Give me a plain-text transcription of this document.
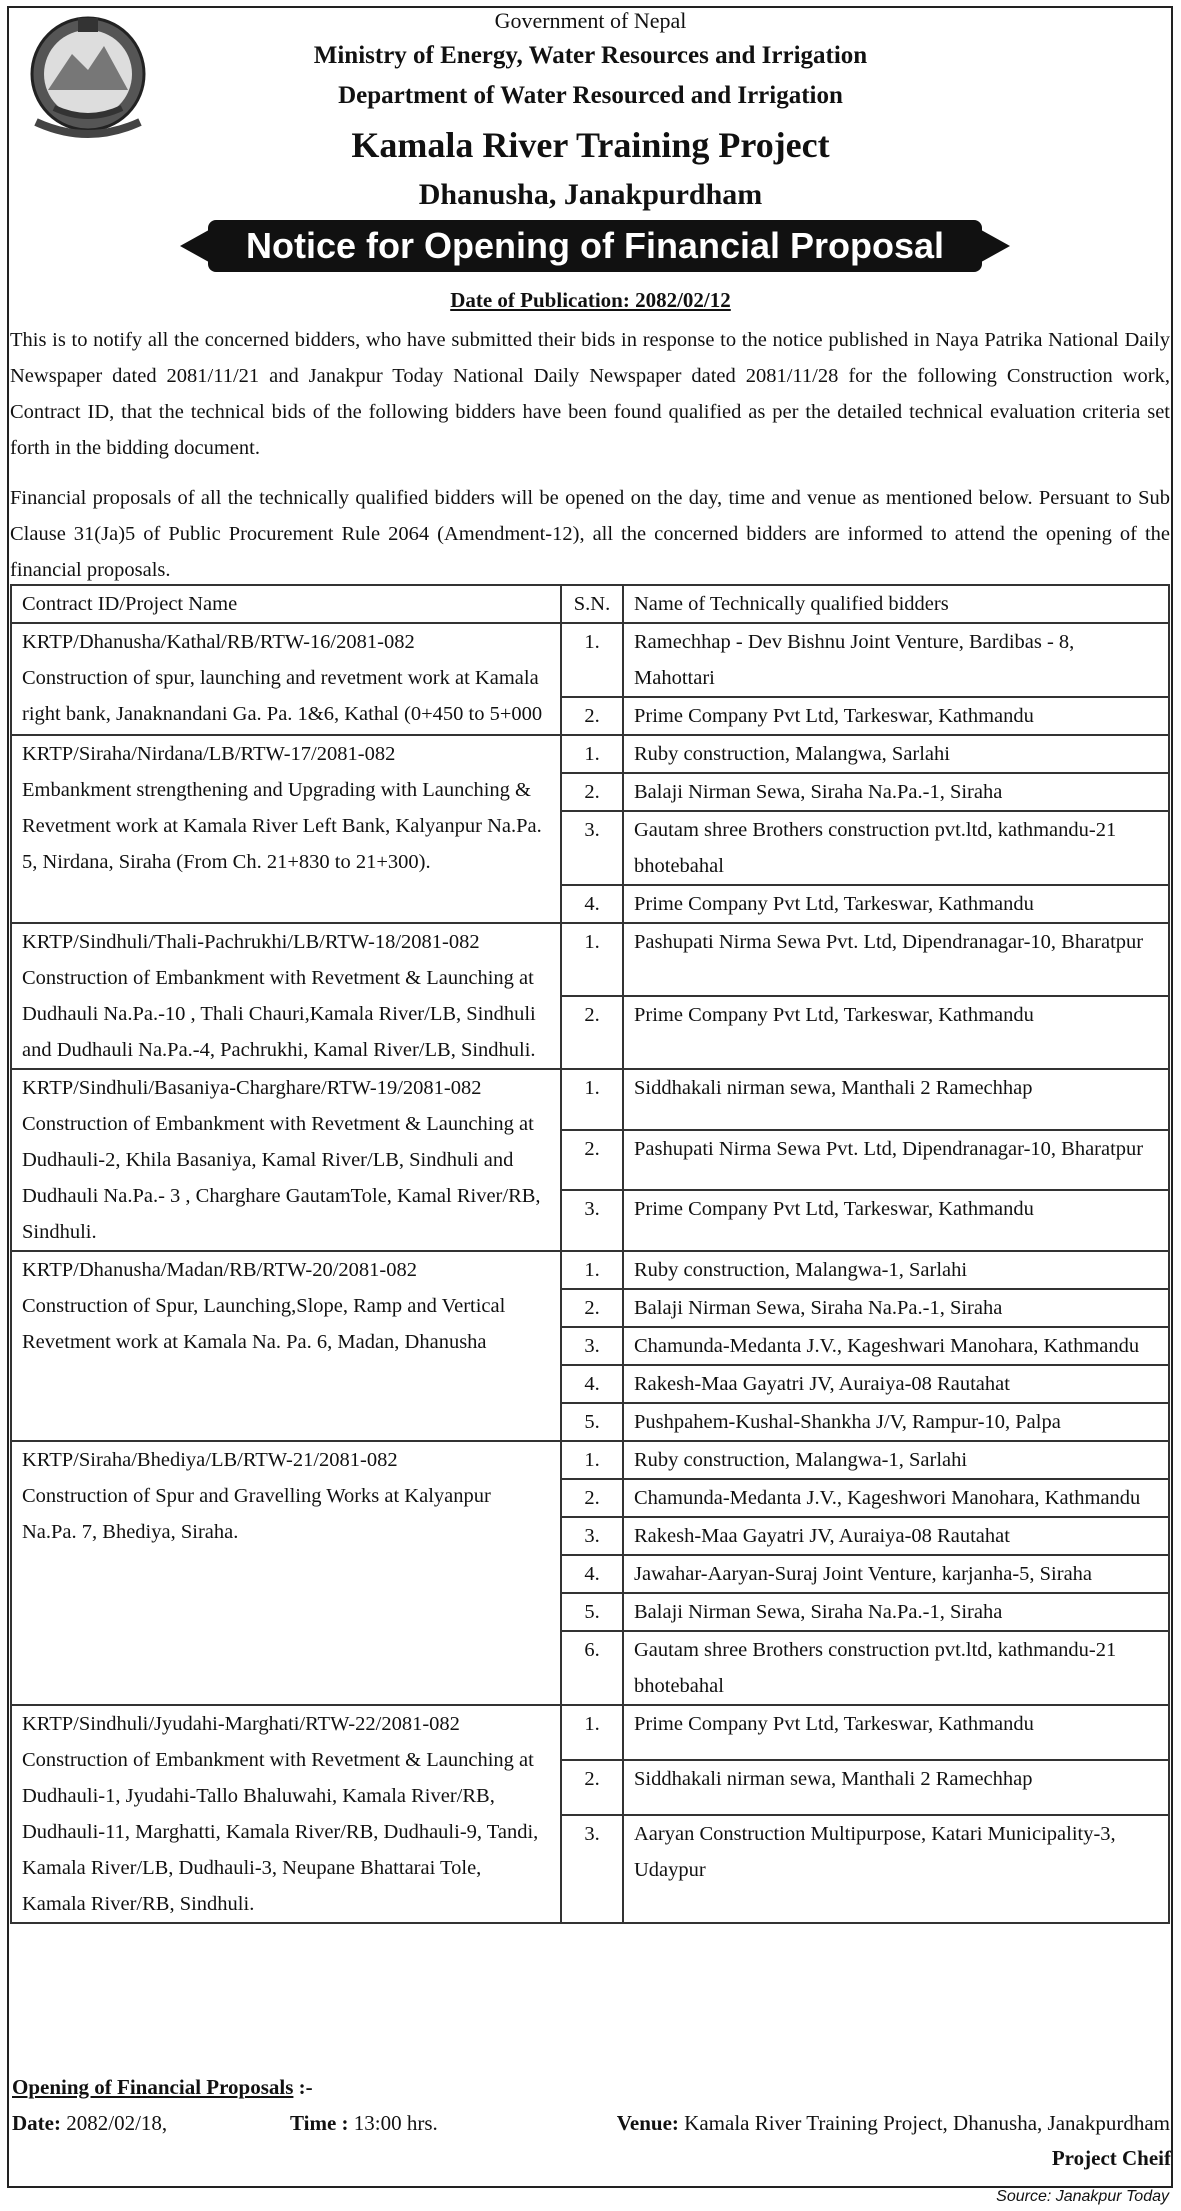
Government of Nepal
Ministry of Energy, Water Resources and Irrigation
Department of Water Resourced and Irrigation
Kamala River Training Project
Dhanusha, Janakpurdham
Notice for Opening of Financial Proposal
Date of Publication: 2082/02/12
This is to notify all the concerned bidders, who have submitted their bids in response to the notice published in Naya Patrika National Daily Newspaper dated 2081/11/21 and Janakpur Today National Daily Newspaper dated 2081/11/28 for the following Construction work, Contract ID, that the technical bids of the following bidders have been found qualified as per the detailed technical evaluation criteria set forth in the bidding document.
Financial proposals of all the technically qualified bidders will be opened on the day, time and venue as mentioned below. Persuant to Sub Clause 31(Ja)5 of Public Procurement Rule 2064 (Amendment-12), all the concerned bidders are informed to attend the opening of the financial proposals.
Contract ID/Project Name	S.N.	Name of Technically qualified bidders

KRTP/Dhanusha/Kathal/RB/RTW-16/2081-082
Construction of spur, launching and revetment work at Kamala right bank, Janaknandani Ga. Pa. 1&6, Kathal (0+450 to 5+000	1.	Ramechhap - Dev Bishnu Joint Venture, Bardibas - 8, Mahottari
	2.	Prime Company Pvt Ltd, Tarkeswar, Kathmandu

KRTP/Siraha/Nirdana/LB/RTW-17/2081-082
Embankment strengthening and Upgrading with Launching & Revetment work at Kamala River Left Bank, Kalyanpur Na.Pa. 5, Nirdana, Siraha (From Ch. 21+830 to 21+300).	1.	Ruby construction, Malangwa, Sarlahi
	2.	Balaji Nirman Sewa, Siraha Na.Pa.-1, Siraha
	3.	Gautam shree Brothers construction pvt.ltd, kathmandu-21 bhotebahal
	4.	Prime Company Pvt Ltd, Tarkeswar, Kathmandu

KRTP/Sindhuli/Thali-Pachrukhi/LB/RTW-18/2081-082
Construction of Embankment with Revetment & Launching at Dudhauli Na.Pa.-10 , Thali Chauri,Kamala River/LB, Sindhuli and Dudhauli Na.Pa.-4, Pachrukhi, Kamal River/LB, Sindhuli.	1.	Pashupati Nirma Sewa Pvt. Ltd, Dipendranagar-10, Bharatpur
	2.	Prime Company Pvt Ltd, Tarkeswar, Kathmandu

KRTP/Sindhuli/Basaniya-Charghare/RTW-19/2081-082
Construction of Embankment with Revetment & Launching at Dudhauli-2, Khila Basaniya, Kamal River/LB, Sindhuli and Dudhauli Na.Pa.- 3 , Charghare GautamTole, Kamal River/RB, Sindhuli.	1.	Siddhakali nirman sewa, Manthali 2 Ramechhap
	2.	Pashupati Nirma Sewa Pvt. Ltd, Dipendranagar-10, Bharatpur
	3.	Prime Company Pvt Ltd, Tarkeswar, Kathmandu

KRTP/Dhanusha/Madan/RB/RTW-20/2081-082
Construction of Spur, Launching,Slope, Ramp and Vertical Revetment work at Kamala Na. Pa. 6, Madan, Dhanusha	1.	Ruby construction, Malangwa-1, Sarlahi
	2.	Balaji Nirman Sewa, Siraha Na.Pa.-1, Siraha
	3.	Chamunda-Medanta J.V., Kageshwari Manohara, Kathmandu
	4.	Rakesh-Maa Gayatri JV, Auraiya-08 Rautahat
	5.	Pushpahem-Kushal-Shankha J/V, Rampur-10, Palpa

KRTP/Siraha/Bhediya/LB/RTW-21/2081-082
Construction of Spur and Gravelling Works at Kalyanpur Na.Pa. 7, Bhediya, Siraha.	1.	Ruby construction, Malangwa-1, Sarlahi
	2.	Chamunda-Medanta J.V., Kageshwori Manohara, Kathmandu
	3.	Rakesh-Maa Gayatri JV, Auraiya-08 Rautahat
	4.	Jawahar-Aaryan-Suraj Joint Venture, karjanha-5, Siraha
	5.	Balaji Nirman Sewa, Siraha Na.Pa.-1, Siraha
	6.	Gautam shree Brothers construction pvt.ltd, kathmandu-21 bhotebahal

KRTP/Sindhuli/Jyudahi-Marghati/RTW-22/2081-082
Construction of Embankment with Revetment & Launching at Dudhauli-1, Jyudahi-Tallo Bhaluwahi, Kamala River/RB, Dudhauli-11, Marghatti, Kamala River/RB, Dudhauli-9, Tandi, Kamala River/LB, Dudhauli-3, Neupane Bhattarai Tole, Kamala River/RB, Sindhuli.	1.	Prime Company Pvt Ltd, Tarkeswar, Kathmandu
	2.	Siddhakali nirman sewa, Manthali 2 Ramechhap
	3.	Aaryan Construction Multipurpose, Katari Municipality-3, Udaypur
Opening of Financial Proposals :-
Date: 2082/02/18,	Time : 13:00 hrs.	Venue: Kamala River Training Project, Dhanusha, Janakpurdham
Project Cheif
Source: Janakpur Today
